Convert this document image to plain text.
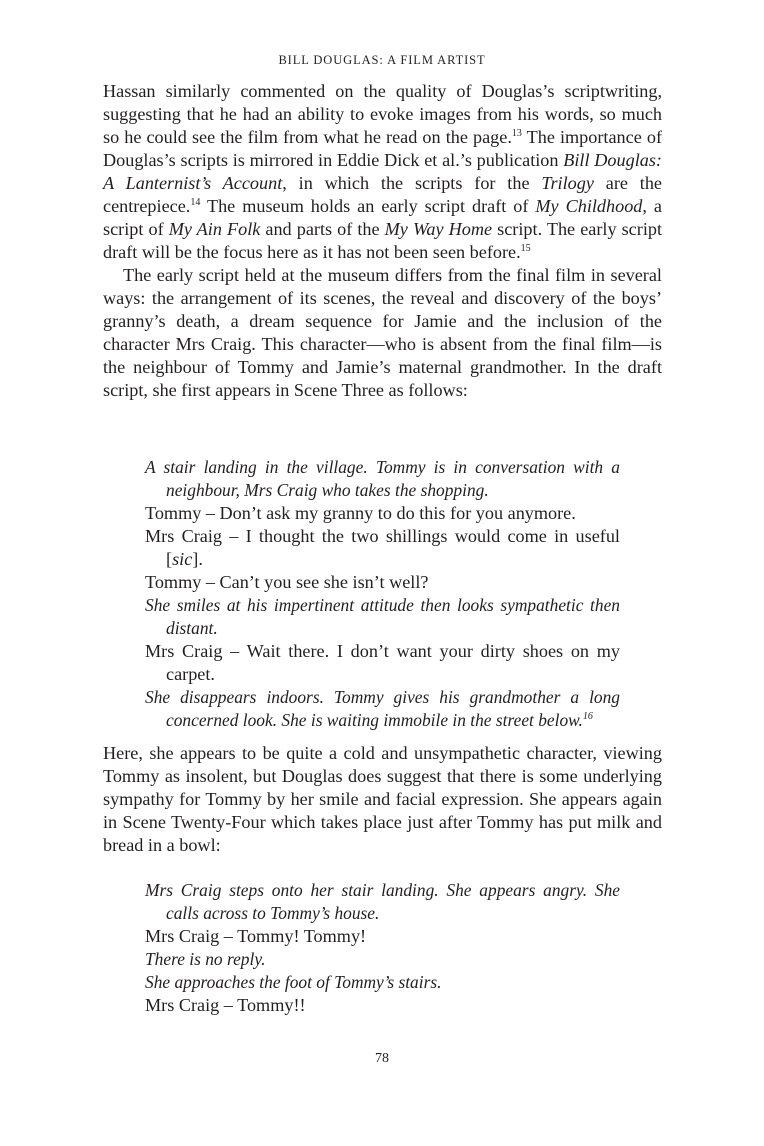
BILL DOUGLAS: A FILM ARTIST

Hassan similarly commented on the quality of Douglas’s scriptwriting, suggesting that he had an ability to evoke images from his words, so much so he could see the film from what he read on the page.$^{13}$ The importance of Douglas’s scripts is mirrored in Eddie Dick et al.’s publication Bill Douglas: A Lanternist’s Account, in which the scripts for the Trilogy are the centrepiece.$^{14}$ The museum holds an early script draft of My Childhood, a script of My Ain Folk and parts of the My Way Home script. The early script draft will be the focus here as it has not been seen before.$^{15}$

The early script held at the museum differs from the final film in several ways: the arrangement of its scenes, the reveal and discovery of the boys’ granny’s death, a dream sequence for Jamie and the inclusion of the character Mrs Craig. This character—who is absent from the final film—is the neighbour of Tommy and Jamie’s maternal grandmother. In the draft script, she first appears in Scene Three as follows:

A stair landing in the village. Tommy is in conversation with a neighbour, Mrs Craig who takes the shopping.

Tommy – Don’t ask my granny to do this for you anymore.

Mrs Craig – I thought the two shillings would come in useful [sic].

Tommy – Can’t you see she isn’t well?

She smiles at his impertinent attitude then looks sympathetic then distant.

Mrs Craig – Wait there. I don’t want your dirty shoes on my carpet.

She disappears indoors. Tommy gives his grandmother a long concerned look. She is waiting immobile in the street below.$^{16}$

Here, she appears to be quite a cold and unsympathetic character, viewing Tommy as insolent, but Douglas does suggest that there is some underlying sympathy for Tommy by her smile and facial expression. She appears again in Scene Twenty-Four which takes place just after Tommy has put milk and bread in a bowl:

Mrs Craig steps onto her stair landing. She appears angry. She calls across to Tommy’s house.

Mrs Craig – Tommy! Tommy!

There is no reply.

She approaches the foot of Tommy’s stairs.

Mrs Craig – Tommy!!

78
